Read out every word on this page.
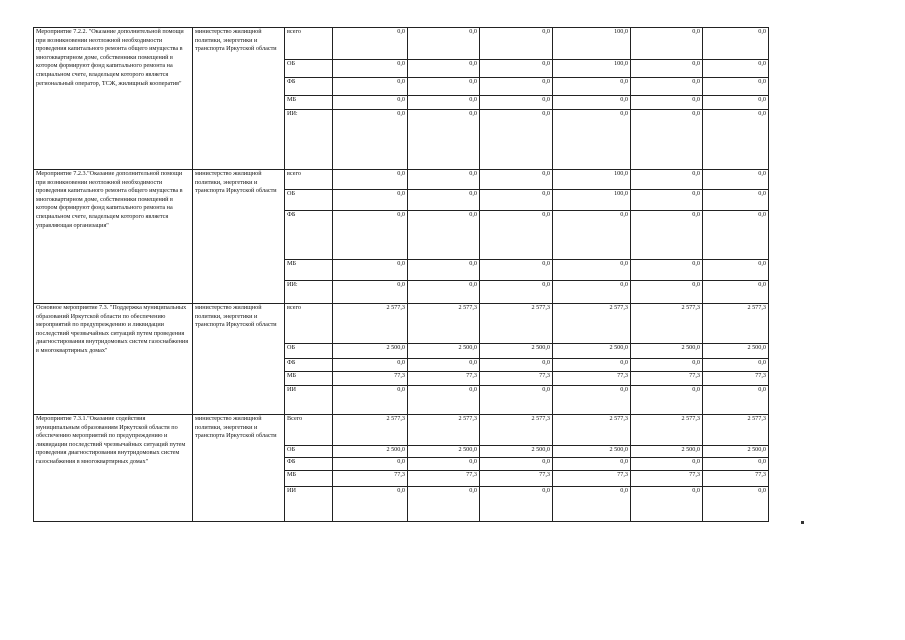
Мероприятие 7.2.2. "Оказание дополнительной помощи при возникновении неотложной необходимости проведения капитального ремонта общего имущества в многоквартирном доме, собственники помещений в котором формируют фонд капитального ремонта на специальном счете, владельцем которого является региональный оператор, ТСЖ, жилищный кооператив"	министерство жилищной политики, энергетики и транспорта Иркутской области	всего	0,0	0,0	0,0	100,0	0,0	0,0
		ОБ	0,0	0,0	0,0	100,0	0,0	0,0
		ФБ	0,0	0,0	0,0	0,0	0,0	0,0
		МБ	0,0	0,0	0,0	0,0	0,0	0,0
		ИИ:	0,0	0,0	0,0	0,0	0,0	0,0
Мероприятие 7.2.3."Оказание дополнительной помощи при возникновении неотложной необходимости проведения капитального ремонта общего имущества в многоквартирном доме, собственники помещений в котором формируют фонд капитального ремонта на специальном счете, владельцем которого является управляющая организация"	министерство жилищной политики, энергетики и транспорта Иркутской области	всего	0,0	0,0	0,0	100,0	0,0	0,0
		ОБ	0,0	0,0	0,0	100,0	0,0	0,0
		ФБ	0,0	0,0	0,0	0,0	0,0	0,0
		МБ	0,0	0,0	0,0	0,0	0,0	0,0
		ИИ:	0,0	0,0	0,0	0,0	0,0	0,0
Основное мероприятие 7.3. "Поддержка муниципальных образований Иркутской области по обеспечению мероприятий по предупреждению и ликвидации последствий чрезвычайных ситуаций путем проведения диагностирования внутридомовых систем газоснабжения в многоквартирных домах"	министерство жилищной политики, энергетики и транспорта Иркутской области	всего	2 577,3	2 577,3	2 577,3	2 577,3	2 577,3	2 577,3
		ОБ	2 500,0	2 500,0	2 500,0	2 500,0	2 500,0	2 500,0
		ФБ	0,0	0,0	0,0	0,0	0,0	0,0
		МБ	77,3	77,3	77,3	77,3	77,3	77,3
		ИИ	0,0	0,0	0,0	0,0	0,0	0,0
Мероприятие 7.3.1."Оказание содействия муниципальным образованиям Иркутской области по обеспечению мероприятий по предупреждению и ликвидации последствий чрезвычайных ситуаций путем проведения диагностирования внутридомовых систем газоснабжения в многоквартирных домах"	министерство жилищной политики, энергетики и транспорта Иркутской области	Всего	2 577,3	2 577,3	2 577,3	2 577,3	2 577,3	2 577,3
		ОБ	2 500,0	2 500,0	2 500,0	2 500,0	2 500,0	2 500,0
		ФБ	0,0	0,0	0,0	0,0	0,0	0,0
		МБ	77,3	77,3	77,3	77,3	77,3	77,3
		ИИ	0,0	0,0	0,0	0,0	0,0	0,0
